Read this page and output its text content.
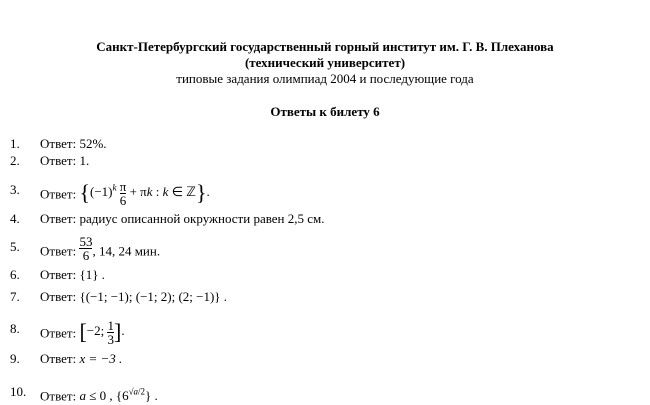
Санкт-Петербургский государственный горный институт им. Г. В. Плеханова
(технический университет)
типовые задания олимпиад 2004 и последующие года
Ответы к билету 6
1.	Ответ: 52%.
2.	Ответ: 1.
3.	Ответ: {$(-1)^k \frac{\pi}{6} + \pi k$ : k ∈ ℤ}.
4.	Ответ: радиус описанной окружности равен 2,5 см.
5.	Ответ: $\frac{53}{6}$ , 14, 24 мин.
6.	Ответ: {1} .
7.	Ответ: {(−1; −1); (−1; 2); (2; −1)} .
8.	Ответ: [−2; $\frac{1}{3}$ ].
9.	Ответ: x = −3 .
10.	Ответ: a ≤ 0 , $\{6^{√a/2}\}$ .
